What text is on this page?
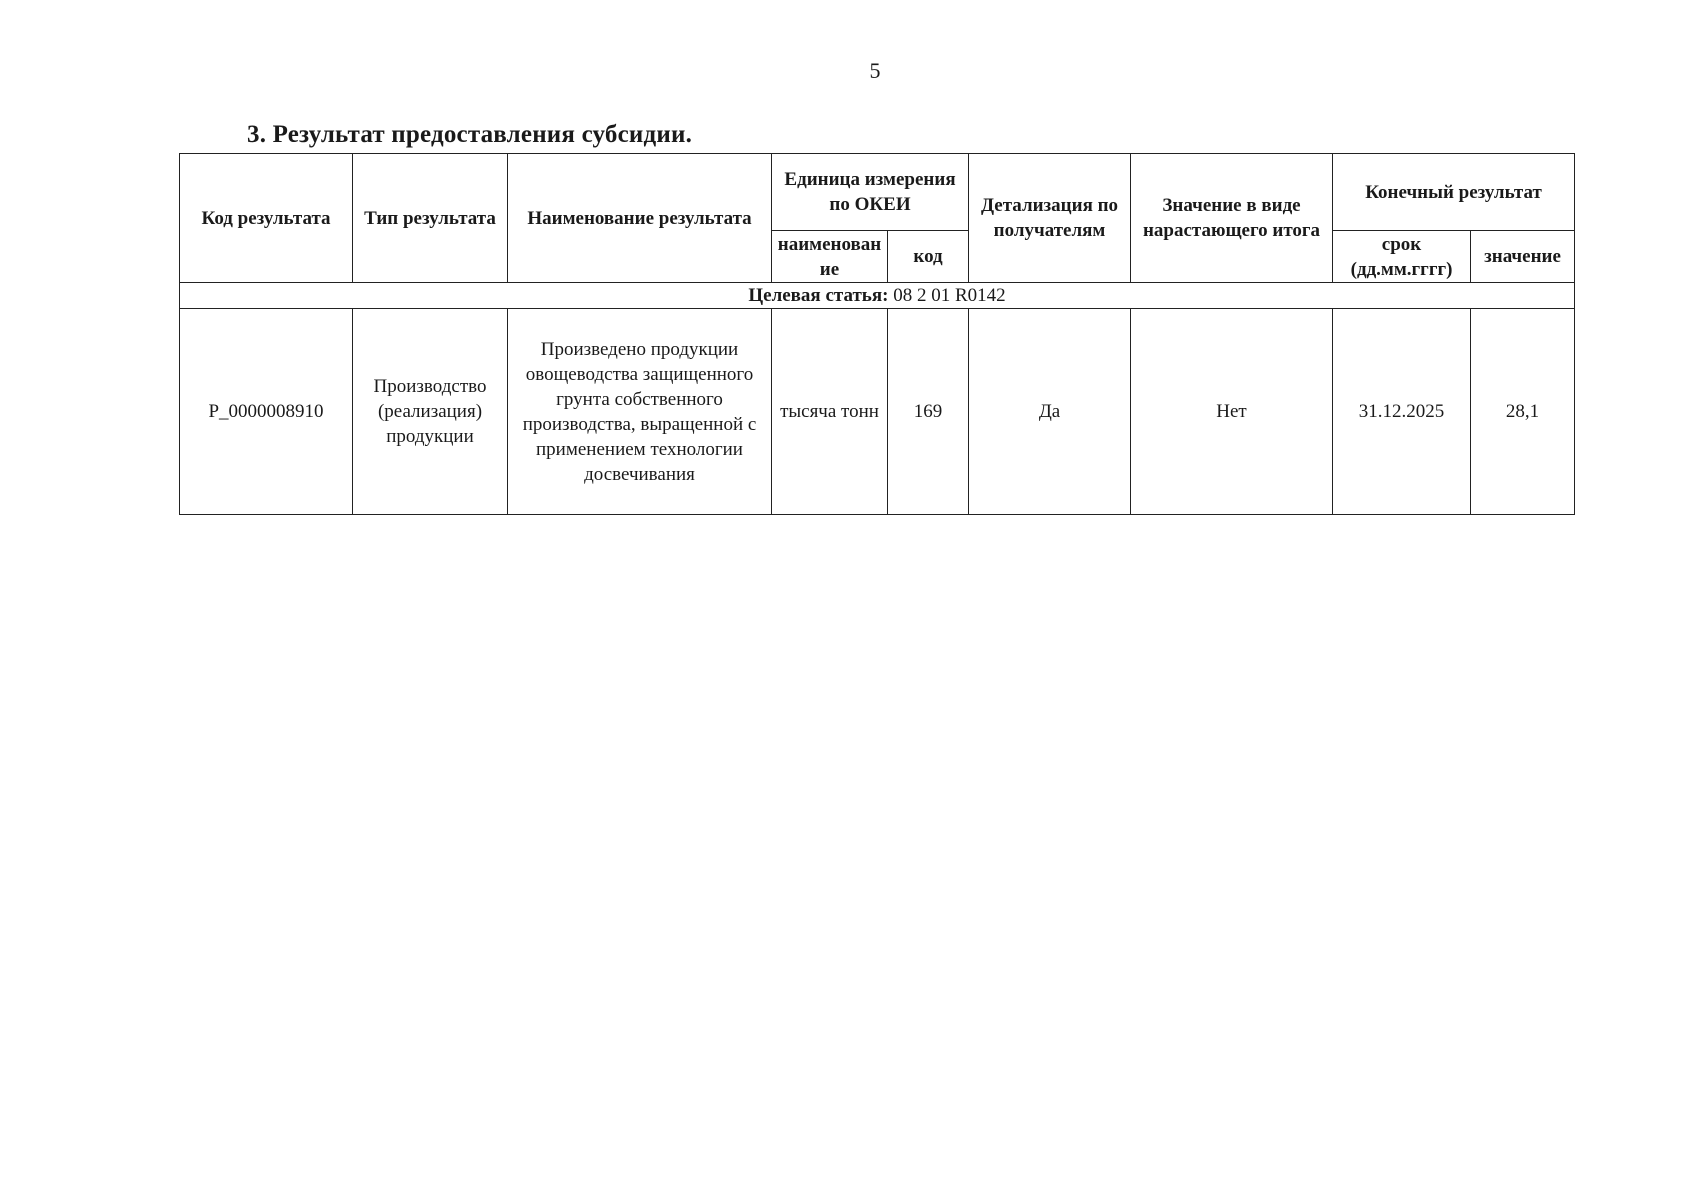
5
3. Результат предоставления субсидии.
Код результата	Тип результата	Наименование результата	Единица измерения по ОКЕИ		Детализация по получателям	Значение в виде нарастающего итога	Конечный результат	
			наименование	код			срок (дд.мм.гггг)	значение
Целевая статья: 08 2 01 R0142								
P_0000008910	Производство (реализация) продукции	Произведено продукции овощеводства защищенного грунта собственного производства, выращенной с применением технологии досвечивания	тысяча тонн	169	Да	Нет	31.12.2025	28,1
